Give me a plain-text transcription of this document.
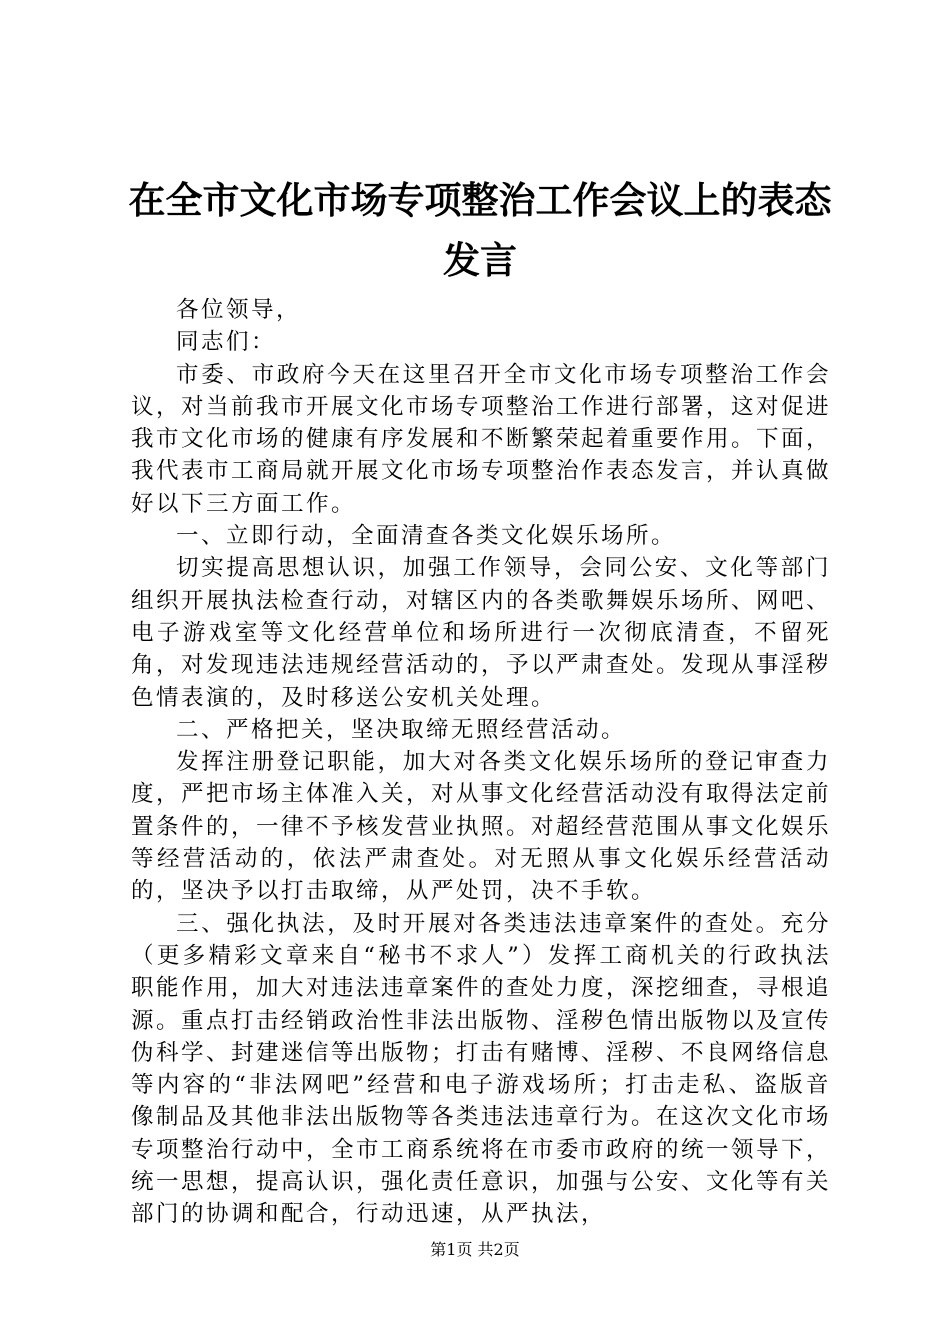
在全市文化市场专项整治工作会议上的表态发言

各位领导，

同志们：

市委、市政府今天在这里召开全市文化市场专项整治工作会议，对当前我市开展文化市场专项整治工作进行部署，这对促进我市文化市场的健康有序发展和不断繁荣起着重要作用。下面，我代表市工商局就开展文化市场专项整治作表态发言，并认真做好以下三方面工作。

一、立即行动，全面清查各类文化娱乐场所。

切实提高思想认识，加强工作领导，会同公安、文化等部门组织开展执法检查行动，对辖区内的各类歌舞娱乐场所、网吧、电子游戏室等文化经营单位和场所进行一次彻底清查，不留死角，对发现违法违规经营活动的，予以严肃查处。发现从事淫秽色情表演的，及时移送公安机关处理。

二、严格把关，坚决取缔无照经营活动。

发挥注册登记职能，加大对各类文化娱乐场所的登记审查力度，严把市场主体准入关，对从事文化经营活动没有取得法定前置条件的，一律不予核发营业执照。对超经营范围从事文化娱乐等经营活动的，依法严肃查处。对无照从事文化娱乐经营活动的，坚决予以打击取缔，从严处罚，决不手软。

三、强化执法，及时开展对各类违法违章案件的查处。充分（更多精彩文章来自“秘书不求人”）发挥工商机关的行政执法职能作用，加大对违法违章案件的查处力度，深挖细查，寻根追源。重点打击经销政治性非法出版物、淫秽色情出版物以及宣传伪科学、封建迷信等出版物；打击有赌博、淫秽、不良网络信息等内容的“非法网吧”经营和电子游戏场所；打击走私、盗版音像制品及其他非法出版物等各类违法违章行为。在这次文化市场专项整治行动中，全市工商系统将在市委市政府的统一领导下，统一思想，提高认识，强化责任意识，加强与公安、文化等有关部门的协调和配合，行动迅速，从严执法，

第1页 共2页
